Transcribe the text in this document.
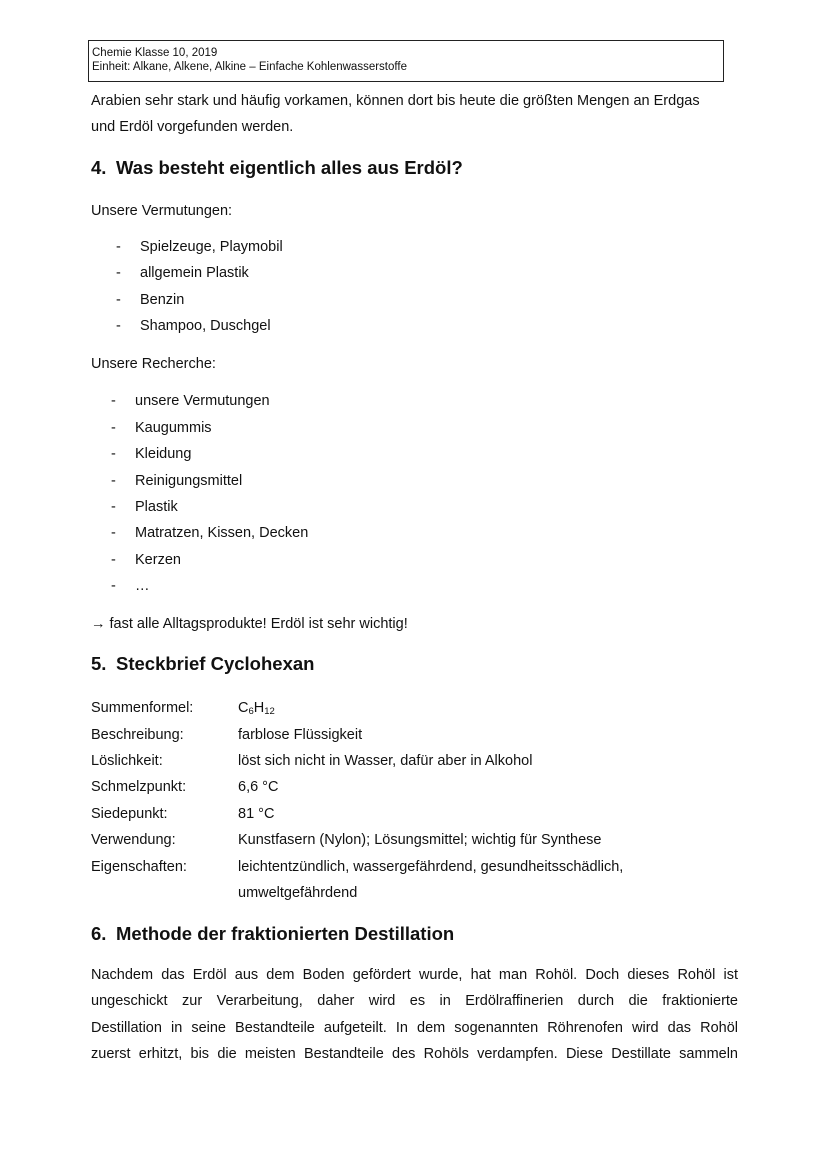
Chemie Klasse 10, 2019
Einheit: Alkane, Alkene, Alkine – Einfache Kohlenwasserstoffe
Arabien sehr stark und häufig vorkamen, können dort bis heute die größten Mengen an Erdgas
und Erdöl vorgefunden werden.
4. Was besteht eigentlich alles aus Erdöl?
Unsere Vermutungen:
- Spielzeuge, Playmobil
- allgemein Plastik
- Benzin
- Shampoo, Duschgel
Unsere Recherche:
- unsere Vermutungen
- Kaugummis
- Kleidung
- Reinigungsmittel
- Plastik
- Matratzen, Kissen, Decken
- Kerzen
- …
→ fast alle Alltagsprodukte! Erdöl ist sehr wichtig!
5. Steckbrief Cyclohexan
Summenformel:	$C_6H_{12}$
Beschreibung:	farblose Flüssigkeit
Löslichkeit:	löst sich nicht in Wasser, dafür aber in Alkohol
Schmelzpunkt:	6,6 °C
Siedepunkt:	81 °C
Verwendung:	Kunstfasern (Nylon); Lösungsmittel; wichtig für Synthese
Eigenschaften:	leichtentzündlich, wassergefährdend, gesundheitsschädlich,
umweltgefährdend
6. Methode der fraktionierten Destillation
Nachdem das Erdöl aus dem Boden gefördert wurde, hat man Rohöl. Doch dieses Rohöl ist
ungeschickt zur Verarbeitung, daher wird es in Erdölraffinerien durch die fraktionierte
Destillation in seine Bestandteile aufgeteilt. In dem sogenannten Röhrenofen wird das Rohöl
zuerst erhitzt, bis die meisten Bestandteile des Rohöls verdampfen. Diese Destillate sammeln
